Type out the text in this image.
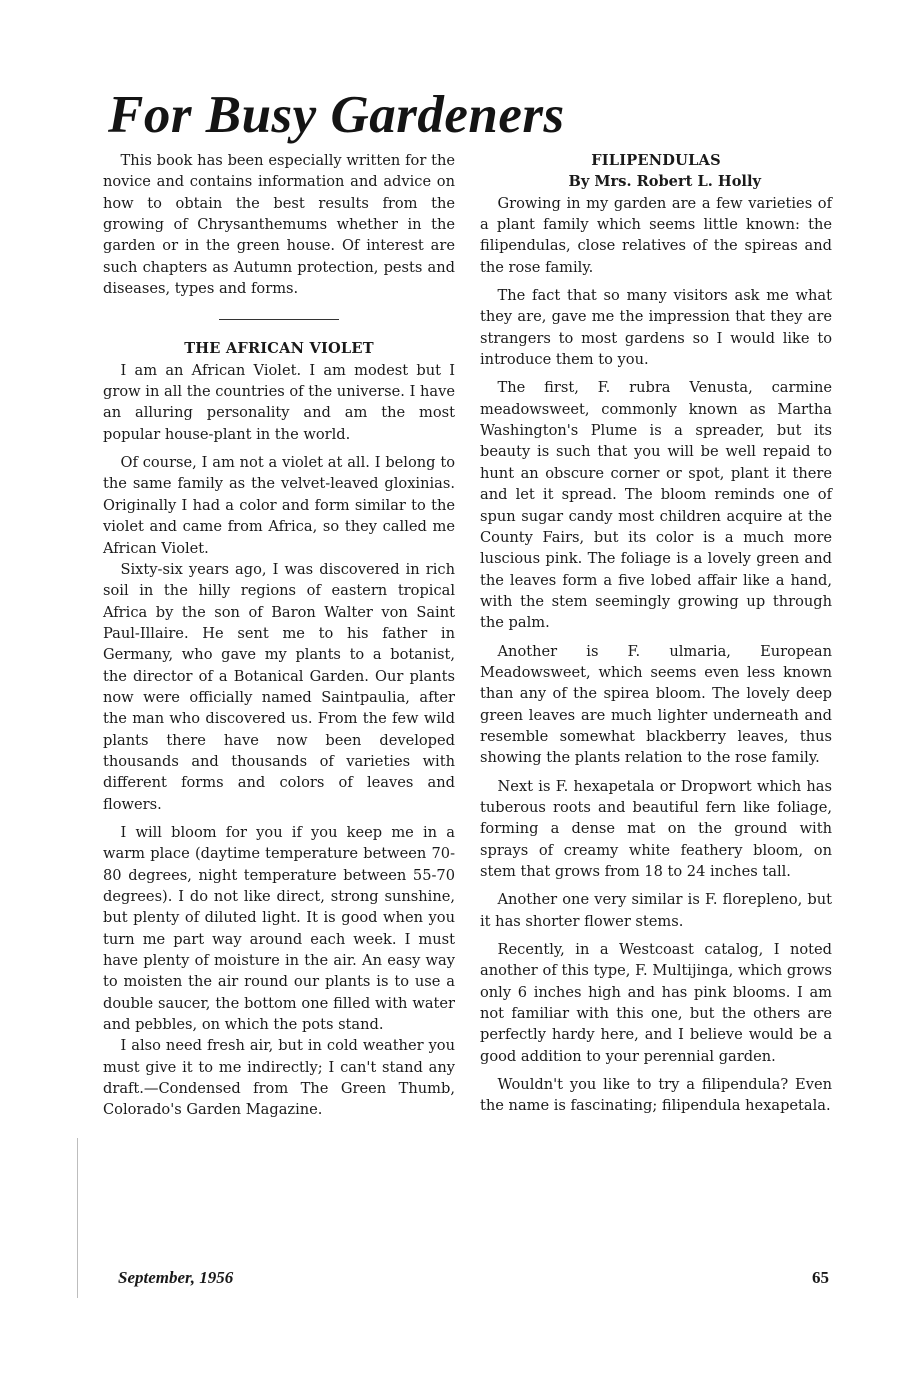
For Busy Gardeners

This book has been especially written for the novice and contains information and advice on how to obtain the best results from the growing of Chrysanthemums whether in the garden or in the green house. Of interest are such chapters as Autumn protection, pests and diseases, types and forms.

THE AFRICAN VIOLET

I am an African Violet. I am modest but I grow in all the countries of the universe. I have an alluring personality and am the most popular house-plant in the world.

Of course, I am not a violet at all. I belong to the same family as the velvet-leaved gloxinias. Originally I had a color and form similar to the violet and came from Africa, so they called me African Violet.

Sixty-six years ago, I was discovered in rich soil in the hilly regions of eastern tropical Africa by the son of Baron Walter von Saint Paul-Illaire. He sent me to his father in Germany, who gave my plants to a botanist, the director of a Botanical Garden. Our plants now were officially named Saintpaulia, after the man who discovered us. From the few wild plants there have now been developed thousands and thousands of varieties with different forms and colors of leaves and flowers.

I will bloom for you if you keep me in a warm place (daytime temperature between 70-80 degrees, night temperature between 55-70 degrees). I do not like direct, strong sunshine, but plenty of diluted light. It is good when you turn me part way around each week. I must have plenty of moisture in the air. An easy way to moisten the air round our plants is to use a double saucer, the bottom one filled with water and pebbles, on which the pots stand.

I also need fresh air, but in cold weather you must give it to me indirectly; I can't stand any draft.—Condensed from The Green Thumb, Colorado's Garden Magazine.

FILIPENDULAS

By Mrs. Robert L. Holly

Growing in my garden are a few varieties of a plant family which seems little known: the filipendulas, close relatives of the spireas and the rose family.

The fact that so many visitors ask me what they are, gave me the impression that they are strangers to most gardens so I would like to introduce them to you.

The first, F. rubra Venusta, carmine meadowsweet, commonly known as Martha Washington's Plume is a spreader, but its beauty is such that you will be well repaid to hunt an obscure corner or spot, plant it there and let it spread. The bloom reminds one of spun sugar candy most children acquire at the County Fairs, but its color is a much more luscious pink. The foliage is a lovely green and the leaves form a five lobed affair like a hand, with the stem seemingly growing up through the palm.

Another is F. ulmaria, European Meadowsweet, which seems even less known than any of the spirea bloom. The lovely deep green leaves are much lighter underneath and resemble somewhat blackberry leaves, thus showing the plants relation to the rose family.

Next is F. hexapetala or Dropwort which has tuberous roots and beautiful fern like foliage, forming a dense mat on the ground with sprays of creamy white feathery bloom, on stem that grows from 18 to 24 inches tall.

Another one very similar is F. floreplenо, but it has shorter flower stems.

Recently, in a Westcoast catalog, I noted another of this type, F. Multijinga, which grows only 6 inches high and has pink blooms. I am not familiar with this one, but the others are perfectly hardy here, and I believe would be a good addition to your perennial garden.

Wouldn't you like to try a filipendula? Even the name is fascinating; filipendula hexapetala.

September, 1956	65
